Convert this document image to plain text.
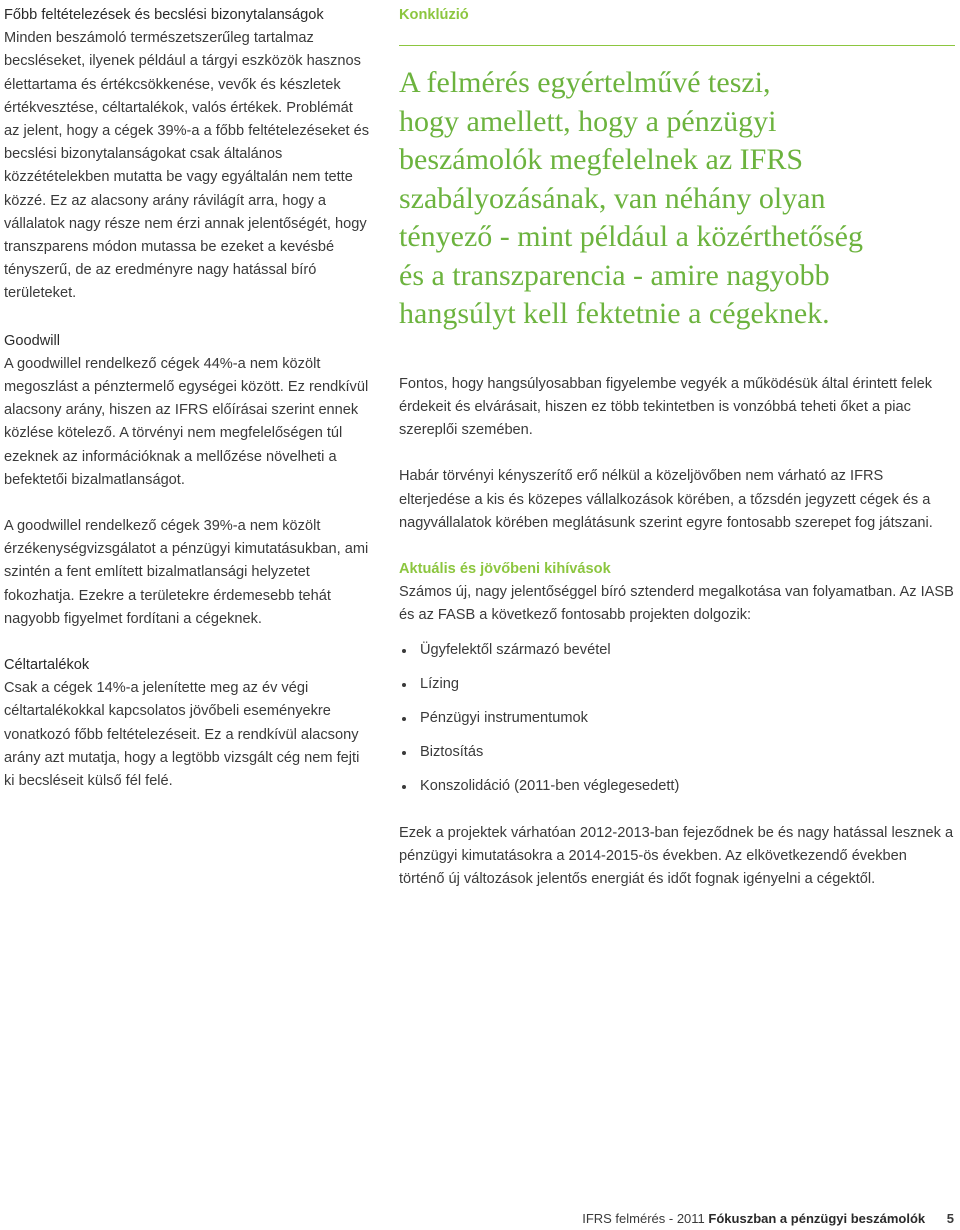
Főbb feltételezések és becslési bizonytalanságok

Minden beszámoló természetszerűleg tartalmaz becsléseket, ilyenek például a tárgyi eszközök hasznos élettartama és értékcsökkenése, vevők és készletek értékvesztése, céltartalékok, valós értékek. Problémát az jelent, hogy a cégek 39%-a a főbb feltételezéseket és becslési bizonytalanságokat csak általános közzétételekben mutatta be vagy egyáltalán nem tette közzé. Ez az alacsony arány rávilágít arra, hogy a vállalatok nagy része nem érzi annak jelentőségét, hogy transzparens módon mutassa be ezeket a kevésbé tényszerű, de az eredményre nagy hatással bíró területeket.

Goodwill

A goodwillel rendelkező cégek 44%-a nem közölt megoszlást a pénztermelő egységei között. Ez rendkívül alacsony arány, hiszen az IFRS előírásai szerint ennek közlése kötelező. A törvényi nem megfelelőségen túl ezeknek az információknak a mellőzése növelheti a befektetői bizalmatlanságot.

A goodwillel rendelkező cégek 39%-a nem közölt érzékenységvizsgálatot a pénzügyi kimutatásukban, ami szintén a fent említett bizalmatlansági helyzetet fokozhatja. Ezekre a területekre érdemesebb tehát nagyobb figyelmet fordítani a cégeknek.

Céltartalékok

Csak a cégek 14%-a jelenítette meg az év végi céltartalékokkal kapcsolatos jövőbeli eseményekre vonatkozó főbb feltételezéseit. Ez a rendkívül alacsony arány azt mutatja, hogy a legtöbb vizsgált cég nem fejti ki becsléseit külső fél felé.

Konklúzió
A felmérés egyértelművé teszi,
hogy amellett, hogy a pénzügyi
beszámolók megfelelnek az IFRS
szabályozásának, van néhány olyan
tényező - mint például a közérthetőség
és a transzparencia - amire nagyobb
hangsúlyt kell fektetnie a cégeknek.

Fontos, hogy hangsúlyosabban figyelembe vegyék a működésük által érintett felek érdekeit és elvárásait, hiszen ez több tekintetben is vonzóbbá teheti őket a piac szereplői szemében.

Habár törvényi kényszerítő erő nélkül a közeljövőben nem várható az IFRS elterjedése a kis és közepes vállalkozások körében, a tőzsdén jegyzett cégek és a nagyvállalatok körében meglátásunk szerint egyre fontosabb szerepet fog játszani.

Aktuális és jövőbeni kihívások

Számos új, nagy jelentőséggel bíró sztenderd megalkotása van folyamatban. Az IASB és az FASB a következő fontosabb projekten dolgozik:

Ügyfelektől származó bevétel
Lízing
Pénzügyi instrumentumok
Biztosítás
Konszolidáció (2011-ben véglegesedett)

Ezek a projektek várhatóan 2012-2013-ban fejeződnek be és nagy hatással lesznek a pénzügyi kimutatásokra a 2014-2015-ös években. Az elkövetkezendő években történő új változások jelentős energiát és időt fognak igényelni a cégektől.

IFRS felmérés - 2011 Fókuszban a pénzügyi beszámolók 5
